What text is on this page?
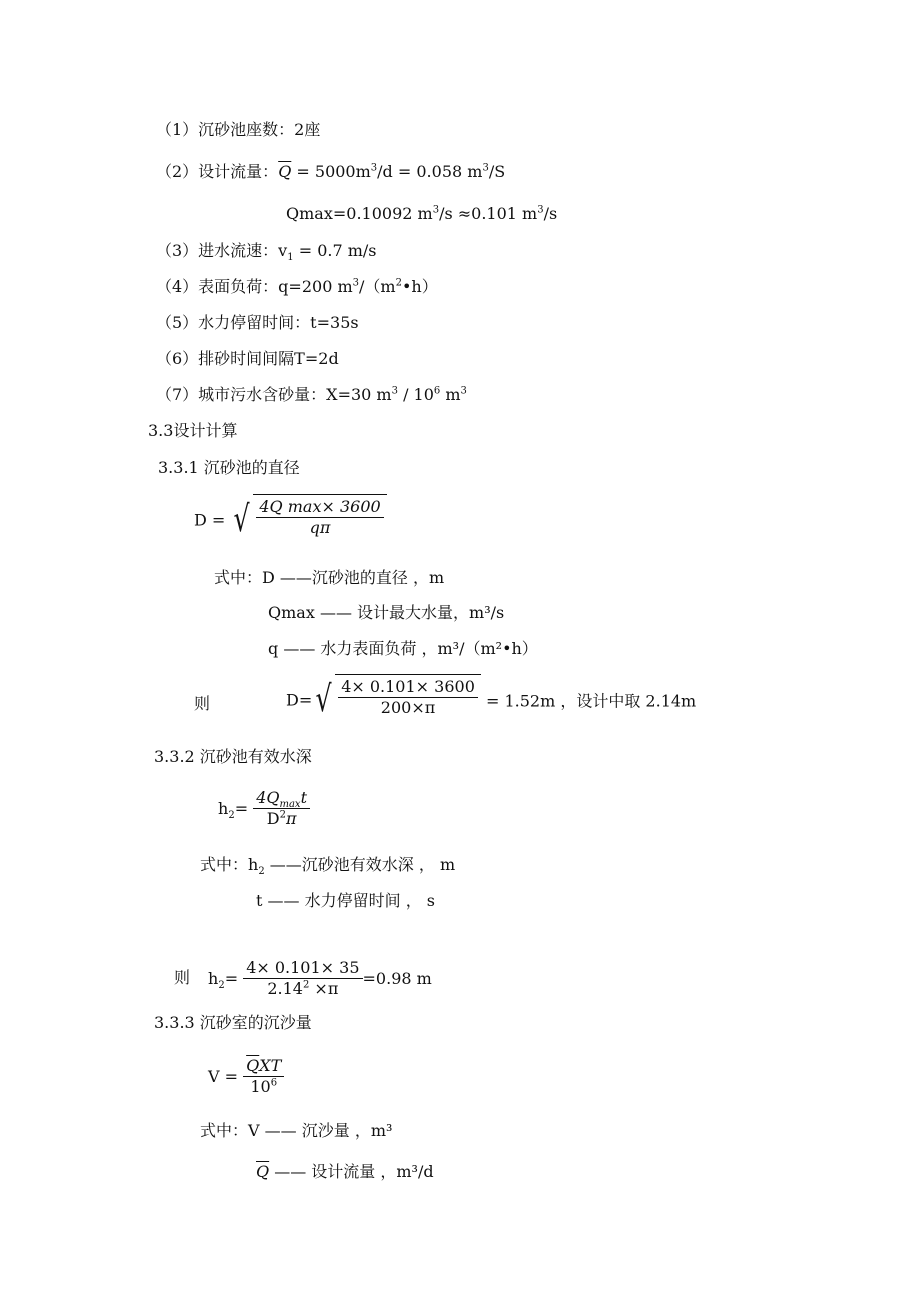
（1）沉砂池座数：2座
（2）设计流量：$\overline{Q} = 5000m^3/d = 0.058$ $m^3/S$
Qmax=0.10092 $m^3/s \approx 0.101$ $m^3/s$
（3）进水流速：$v_1 = 0.7$ m/s
（4）表面负荷：q=200 $m^3/(m^2•h)$
（5）水力停留时间：t=35s
（6）排砂时间间隔T=2d
（7）城市污水含砂量：X=30 $m^3 / 10^6$ $m^3$
3.3设计计算
3.3.1 沉砂池的直径
D = √ $\frac{\text{4Q max× 3600}}{q\pi}$
式中：D ——沉砂池的直径 ，m
Qmax —— 设计最大水量，m³/s
q —— 水力表面负荷 ，m³/（m²•h）
则	D= √ $\frac{4\times 0.101\times 3600}{200\times\pi} = 1.52m$ ，设计中取 2.14m
3.3.2 沉砂池有效水深
$h_2= \frac{4Q_{max}t}{D^2\pi}$
式中：$h_2$ ——沉砂池有效水深 ， m
t —— 水力停留时间 ， s
则 $h_2= \frac{4\times 0.101\times 35}{2.14^2 \times\pi} =0.98$ m
3.3.3 沉砂室的沉沙量
$V = \frac{\overline{Q}XT}{10^6}$
式中：V —— 沉沙量 ，m³
$\overline{Q}$ —— 设计流量 ，m³/d
